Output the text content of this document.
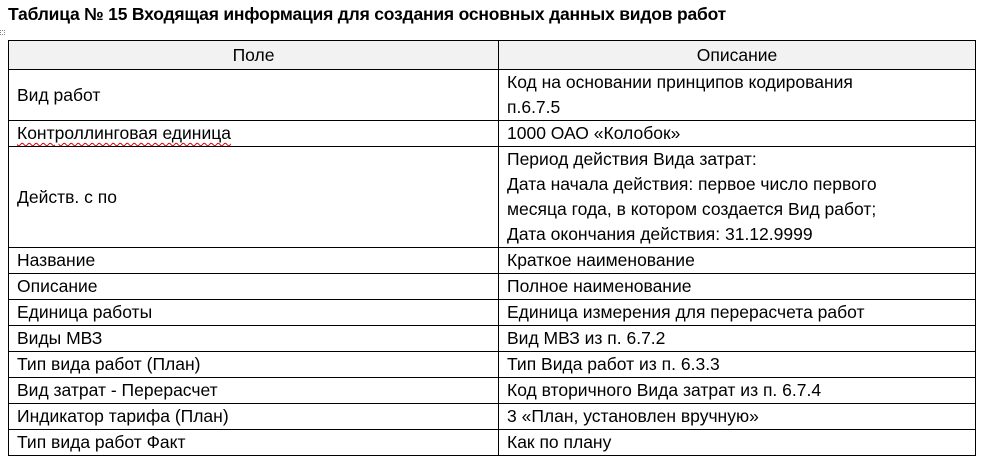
Таблица № 15 Входящая информация для создания основных данных видов работ
Поле	Описание
Вид работ	Код на основании принципов кодирования
п.6.7.5

Контроллинговая единица	1000 ОАО «Колобок»
Действ. с по	Период действия Вида затрат:
Дата начала действия: первое число первого
месяца года, в котором создается Вид работ;
Дата окончания действия: 31.12.9999

Название	Краткое наименование
Описание	Полное наименование
Единица работы	Единица измерения для перерасчета работ
Виды МВЗ	Вид МВЗ из п. 6.7.2
Тип вида работ (План)	Тип Вида работ из п. 6.3.3
Вид затрат - Перерасчет	Код вторичного Вида затрат из п. 6.7.4
Индикатор тарифа (План)	3 «План, установлен вручную»
Тип вида работ Факт	Как по плану
